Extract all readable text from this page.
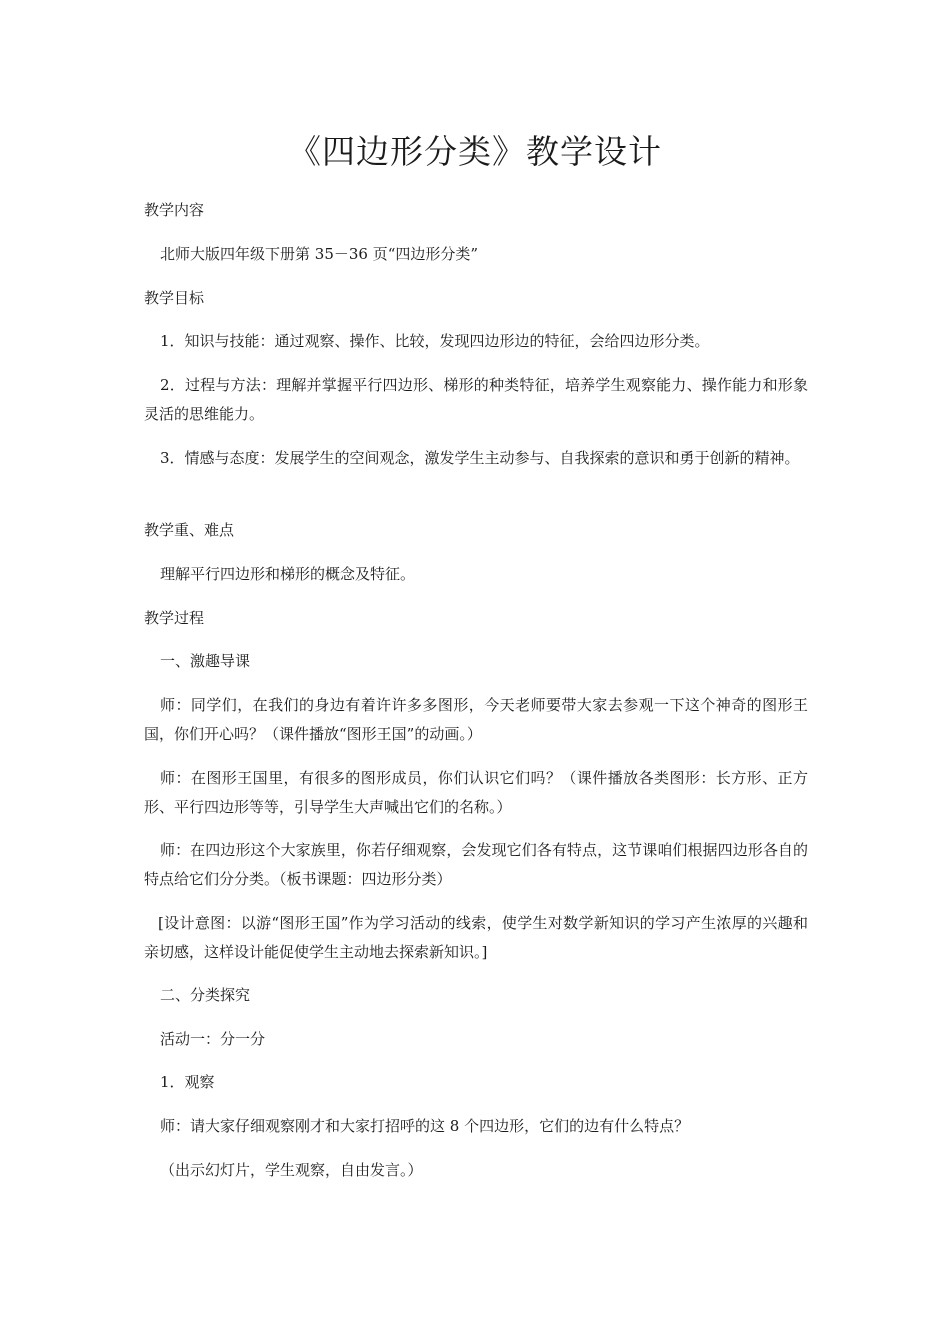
《四边形分类》教学设计
教学内容
北师大版四年级下册第 35－36 页“四边形分类”
教学目标
1．知识与技能：通过观察、操作、比较，发现四边形边的特征，会给四边形分类。
2．过程与方法：理解并掌握平行四边形、梯形的种类特征，培养学生观察能力、操作能力和形象灵活的思维能力。
3．情感与态度：发展学生的空间观念，激发学生主动参与、自我探索的意识和勇于创新的精神。
教学重、难点
理解平行四边形和梯形的概念及特征。
教学过程
一、激趣导课
师：同学们，在我们的身边有着许许多多图形，今天老师要带大家去参观一下这个神奇的图形王国，你们开心吗？（课件播放“图形王国”的动画。）
师：在图形王国里，有很多的图形成员，你们认识它们吗？（课件播放各类图形：长方形、正方形、平行四边形等等，引导学生大声喊出它们的名称。）
师：在四边形这个大家族里，你若仔细观察，会发现它们各有特点，这节课咱们根据四边形各自的特点给它们分分类。（板书课题：四边形分类）
[设计意图：以游“图形王国”作为学习活动的线索，使学生对数学新知识的学习产生浓厚的兴趣和亲切感，这样设计能促使学生主动地去探索新知识。]
二、分类探究
活动一：分一分
1．观察
师：请大家仔细观察刚才和大家打招呼的这 8 个四边形，它们的边有什么特点？
（出示幻灯片，学生观察，自由发言。）
